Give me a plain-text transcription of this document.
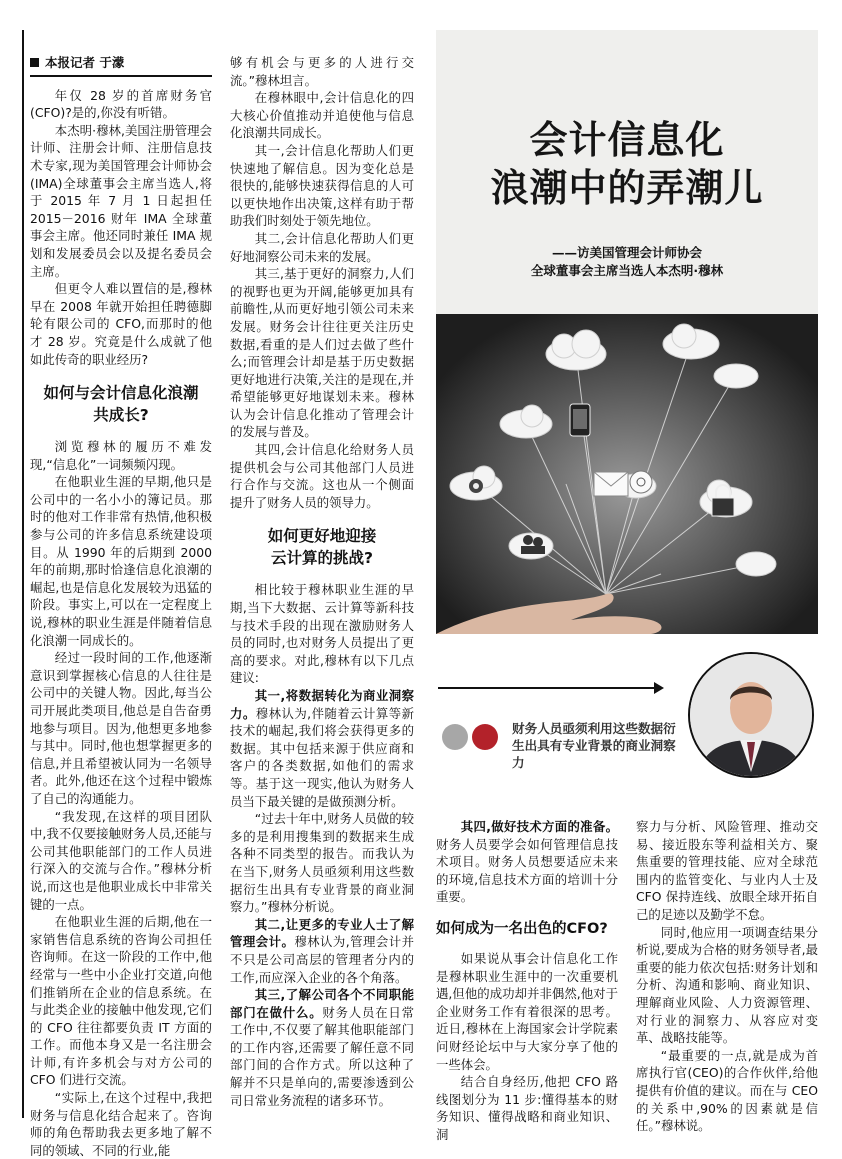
本报记者 于濛

年仅 28 岁的首席财务官(CFO)?是的,你没有听错。

本杰明·穆林,美国注册管理会计师、注册会计师、注册信息技术专家,现为美国管理会计师协会(IMA)全球董事会主席当选人,将于 2015 年 7 月 1 日起担任 2015－2016 财年 IMA 全球董事会主席。他还同时兼任 IMA 规划和发展委员会以及提名委员会主席。

但更令人难以置信的是,穆林早在 2008 年就开始担任聘德脚轮有限公司的 CFO,而那时的他才 28 岁。究竟是什么成就了他如此传奇的职业经历?

如何与会计信息化浪潮
共成长?

浏览穆林的履历不难发现,“信息化”一词频频闪现。

在他职业生涯的早期,他只是公司中的一名小小的簿记员。那时的他对工作非常有热情,他积极参与公司的许多信息系统建设项目。从 1990 年的后期到 2000 年的前期,那时恰逢信息化浪潮的崛起,也是信息化发展较为迅猛的阶段。事实上,可以在一定程度上说,穆林的职业生涯是伴随着信息化浪潮一同成长的。

经过一段时间的工作,他逐渐意识到掌握核心信息的人往往是公司中的关键人物。因此,每当公司开展此类项目,他总是自告奋勇地参与项目。因为,他想更多地参与其中。同时,他也想掌握更多的信息,并且希望被认同为一名领导者。此外,他还在这个过程中锻炼了自己的沟通能力。

“我发现,在这样的项目团队中,我不仅要接触财务人员,还能与公司其他职能部门的工作人员进行深入的交流与合作。”穆林分析说,而这也是他职业成长中非常关键的一点。

在他职业生涯的后期,他在一家销售信息系统的咨询公司担任咨询师。在这一阶段的工作中,他经常与一些中小企业打交道,向他们推销所在企业的信息系统。在与此类企业的接触中他发现,它们的 CFO 往往都要负责 IT 方面的工作。而他本身又是一名注册会计师,有许多机会与对方公司的 CFO 们进行交流。

“实际上,在这个过程中,我把财务与信息化结合起来了。咨询师的角色帮助我去更多地了解不同的领域、不同的行业,能

够有机会与更多的人进行交流。”穆林坦言。

在穆林眼中,会计信息化的四大核心价值推动并追使他与信息化浪潮共同成长。

其一,会计信息化帮助人们更快速地了解信息。因为变化总是很快的,能够快速获得信息的人可以更快地作出决策,这样有助于帮助我们时刻处于领先地位。

其二,会计信息化帮助人们更好地洞察公司未来的发展。

其三,基于更好的洞察力,人们的视野也更为开阔,能够更加具有前瞻性,从而更好地引领公司未来发展。财务会计往往更关注历史数据,看重的是人们过去做了些什么;而管理会计却是基于历史数据更好地进行决策,关注的是现在,并希望能够更好地谋划未来。穆林认为会计信息化推动了管理会计的发展与普及。

其四,会计信息化给财务人员提供机会与公司其他部门人员进行合作与交流。这也从一个侧面提升了财务人员的领导力。

如何更好地迎接
云计算的挑战?

相比较于穆林职业生涯的早期,当下大数据、云计算等新科技与技术手段的出现在激励财务人员的同时,也对财务人员提出了更高的要求。对此,穆林有以下几点建议:

其一,将数据转化为商业洞察力。穆林认为,伴随着云计算等新技术的崛起,我们将会获得更多的数据。其中包括来源于供应商和客户的各类数据,如他们的需求等。基于这一现实,他认为财务人员当下最关键的是做预测分析。

“过去十年中,财务人员做的较多的是利用搜集到的数据来生成各种不同类型的报告。而我认为在当下,财务人员亟须利用这些数据衍生出具有专业背景的商业洞察力。”穆林分析说。

其二,让更多的专业人士了解管理会计。穆林认为,管理会计并不只是公司高层的管理者分内的工作,而应深入企业的各个角落。

其三,了解公司各个不同职能部门在做什么。财务人员在日常工作中,不仅要了解其他职能部门的工作内容,还需要了解任意不同部门间的合作方式。所以这种了解并不只是单向的,需要渗透到公司日常业务流程的诸多环节。

会计信息化
浪潮中的弄潮儿
——访美国管理会计师协会
全球董事会主席当选人本杰明·穆林
财务人员亟须利用这些数据衍生出具有专业背景的商业洞察力

其四,做好技术方面的准备。财务人员要学会如何管理信息技术项目。财务人员想要适应未来的环境,信息技术方面的培训十分重要。

如何成为一名出色的CFO?

如果说从事会计信息化工作是穆林职业生涯中的一次重要机遇,但他的成功却并非偶然,他对于企业财务工作有着很深的思考。近日,穆林在上海国家会计学院素问财经论坛中与大家分享了他的一些体会。

结合自身经历,他把 CFO 路线图划分为 11 步:懂得基本的财务知识、懂得战略和商业知识、洞

察力与分析、风险管理、推动交易、接近股东等利益相关方、聚焦重要的管理技能、应对全球范围内的监管变化、与业内人士及 CFO 保持连线、放眼全球开拓自己的足迹以及勤学不怠。

同时,他应用一项调查结果分析说,要成为合格的财务领导者,最重要的能力依次包括:财务计划和分析、沟通和影响、商业知识、理解商业风险、人力资源管理、对行业的洞察力、从容应对变革、战略技能等。

“最重要的一点,就是成为首席执行官(CEO)的合作伙伴,给他提供有价值的建议。而在与 CEO 的关系中,90%的因素就是信任。”穆林说。
